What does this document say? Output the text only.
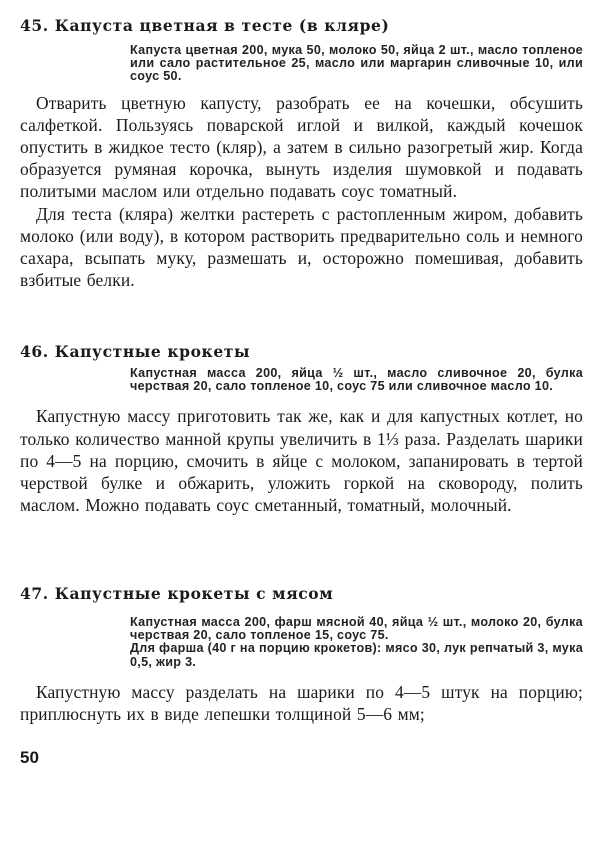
45. Капуста цветная в тесте (в кляре)

Капуста цветная 200, мука 50, молоко 50, яйца 2 шт., масло топленое или сало растительное 25, масло или маргарин сливочные 10, или соус 50.

Отварить цветную капусту, разобрать ее на кочешки, обсушить салфеткой. Пользуясь поварской иглой и вилкой, каждый кочешок опустить в жидкое тесто (кляр), а затем в сильно разогретый жир. Когда образуется румяная корочка, вынуть изделия шумовкой и подавать политыми маслом или отдельно подавать соус томатный.

Для теста (кляра) желтки растереть с растопленным жиром, добавить молоко (или воду), в котором растворить предварительно соль и немного сахара, всыпать муку, размешать и, осторожно помешивая, добавить взбитые белки.

46. Капустные крокеты

Капустная масса 200, яйца ½ шт., масло сливочное 20, булка черствая 20, сало топленое 10, соус 75 или сливочное масло 10.

Капустную массу приготовить так же, как и для капустных котлет, но только количество манной крупы увеличить в 1⅓ раза. Разделать шарики по 4—5 на порцию, смочить в яйце с молоком, запанировать в тертой черствой булке и обжарить, уложить горкой на сковороду, полить маслом. Можно подавать соус сметанный, томатный, молочный.

47. Капустные крокеты с мясом

Капустная масса 200, фарш мясной 40, яйца ½ шт., молоко 20, булка черствая 20, сало топленое 15, соус 75.

Для фарша (40 г на порцию крокетов): мясо 30, лук репчатый 3, мука 0,5, жир 3.

Капустную массу разделать на шарики по 4—5 штук на порцию; приплюснуть их в виде лепешки толщиной 5—6 мм;

50
